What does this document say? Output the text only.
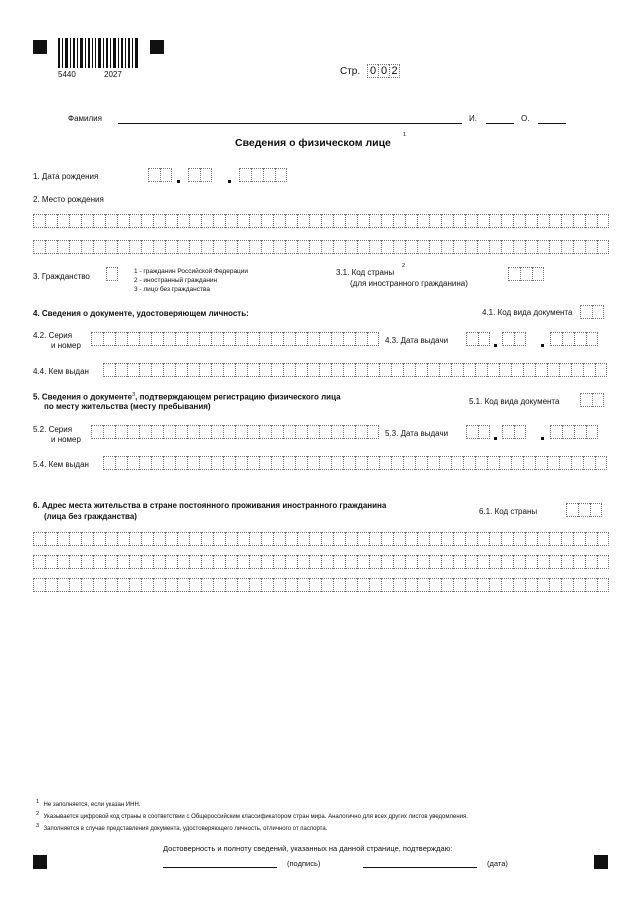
5440	2027	Стр. 0 0 2
Фамилия	И.	О.
Сведения о физическом лице
1
1. Дата рождения
2. Место рождения
3. Гражданство
1 - гражданин Российской Федерации
2 - иностранный гражданин
3 - лицо без гражданства
3.1. Код страны
2
(для иностранного гражданина)
4. Сведения о документе, удостоверяющем личность:	4.1. Код вида документа
4.2. Серия
и номер
4.3. Дата выдачи
4.4. Кем выдан
5. Сведения о документе$^3$, подтверждающем регистрацию физического лица
по месту жительства (месту пребывания)
5.1. Код вида документа
5.2. Серия
и номер
5.3. Дата выдачи
5.4. Кем выдан
6. Адрес места жительства в стране постоянного проживания иностранного гражданина
(лица без гражданства)
6.1. Код страны
1 Не заполняется, если указан ИНН.
2 Указывается цифровой код страны в соответствии с Общероссийским классификатором стран мира. Аналогично для всех других листов уведомления.
3 Заполняется в случае представления документа, удостоверяющего личность, отличного от паспорта.
Достоверность и полноту сведений, указанных на данной странице, подтверждаю:
(подпись)	(дата)
